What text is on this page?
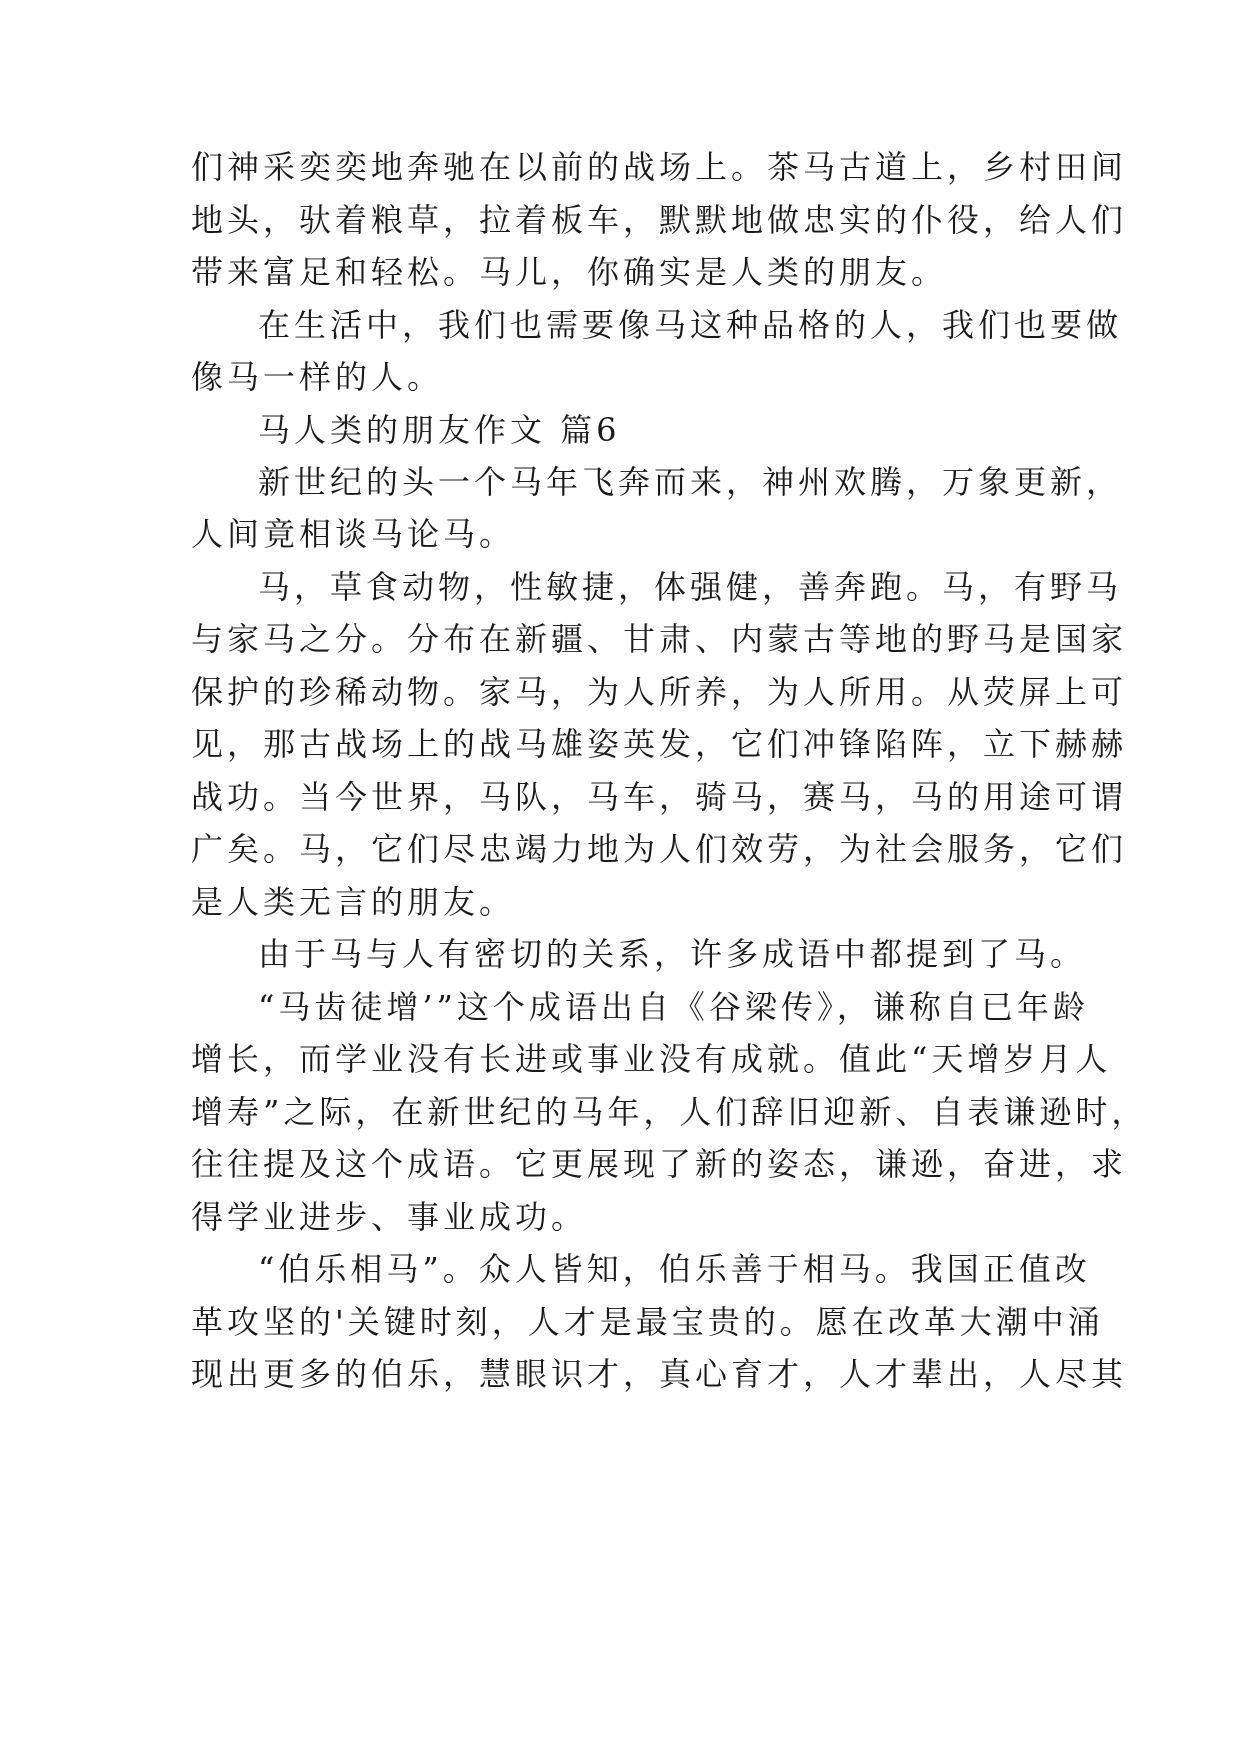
们神采奕奕地奔驰在以前的战场上。茶马古道上，乡村田间
地头，驮着粮草，拉着板车，默默地做忠实的仆役，给人们
带来富足和轻松。马儿，你确实是人类的朋友。
在生活中，我们也需要像马这种品格的人，我们也要做
像马一样的人。
马人类的朋友作文 篇6
新世纪的头一个马年飞奔而来，神州欢腾，万象更新，
人间竟相谈马论马。
马，草食动物，性敏捷，体强健，善奔跑。马，有野马
与家马之分。分布在新疆、甘肃、内蒙古等地的野马是国家
保护的珍稀动物。家马，为人所养，为人所用。从荧屏上可
见，那古战场上的战马雄姿英发，它们冲锋陷阵，立下赫赫
战功。当今世界，马队，马车，骑马，赛马，马的用途可谓
广矣。马，它们尽忠竭力地为人们效劳，为社会服务，它们
是人类无言的朋友。
由于马与人有密切的关系，许多成语中都提到了马。
“马齿徒增’”这个成语出自《谷梁传》，谦称自已年龄
增长，而学业没有长进或事业没有成就。值此“天增岁月人
增寿”之际，在新世纪的马年，人们辞旧迎新、自表谦逊时，
往往提及这个成语。它更展现了新的姿态，谦逊，奋进，求
得学业进步、事业成功。
“伯乐相马”。众人皆知，伯乐善于相马。我国正值改
革攻坚的'关键时刻，人才是最宝贵的。愿在改革大潮中涌
现出更多的伯乐，慧眼识才，真心育才，人才辈出，人尽其
